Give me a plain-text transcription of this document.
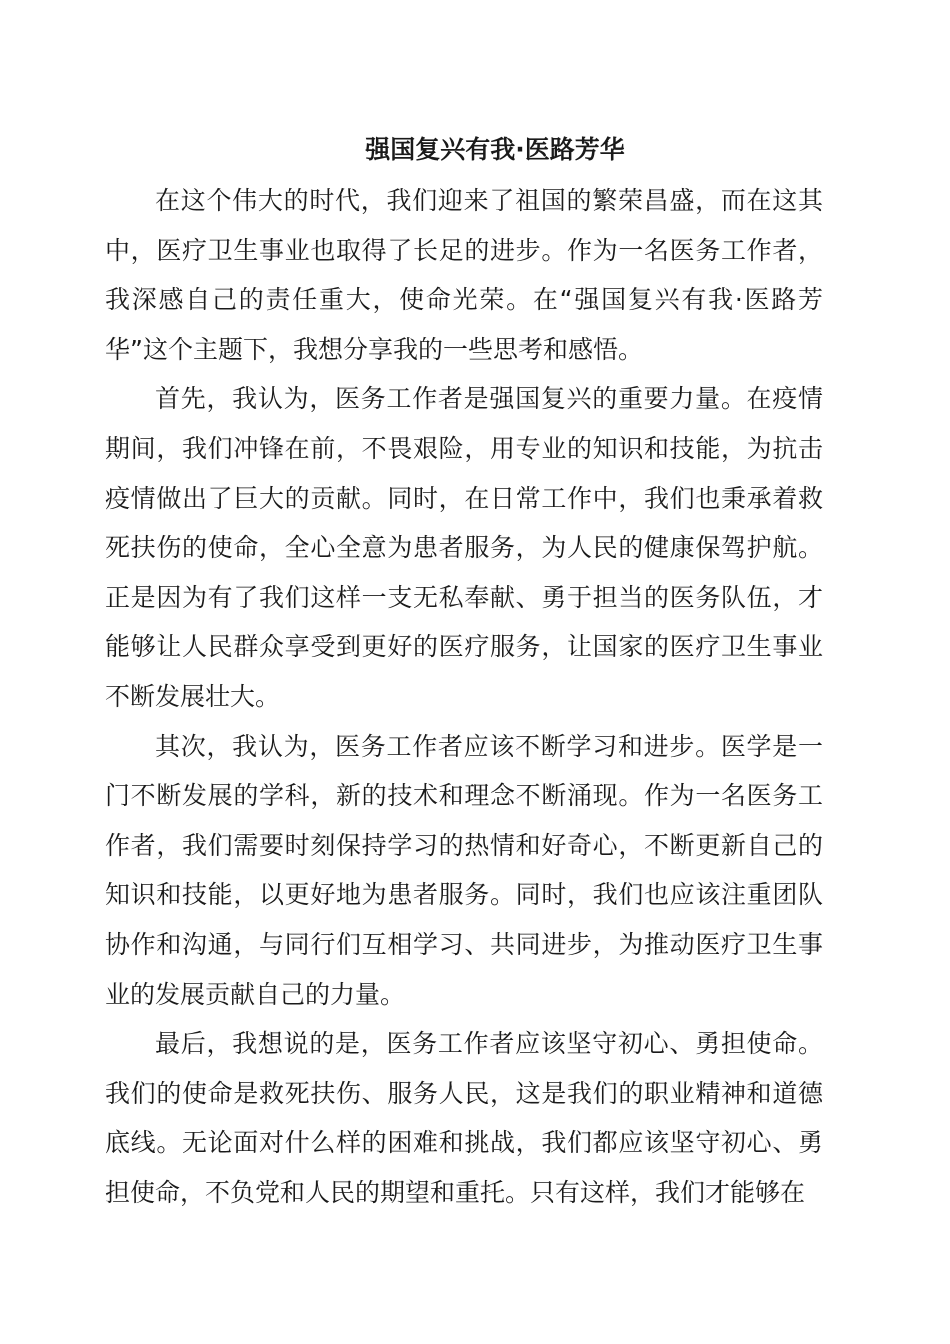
强国复兴有我·医路芳华

在这个伟大的时代，我们迎来了祖国的繁荣昌盛，而在这其中，医疗卫生事业也取得了长足的进步。作为一名医务工作者，我深感自己的责任重大，使命光荣。在“强国复兴有我·医路芳华”这个主题下，我想分享我的一些思考和感悟。

首先，我认为，医务工作者是强国复兴的重要力量。在疫情期间，我们冲锋在前，不畏艰险，用专业的知识和技能，为抗击疫情做出了巨大的贡献。同时，在日常工作中，我们也秉承着救死扶伤的使命，全心全意为患者服务，为人民的健康保驾护航。正是因为有了我们这样一支无私奉献、勇于担当的医务队伍，才能够让人民群众享受到更好的医疗服务，让国家的医疗卫生事业不断发展壮大。

其次，我认为，医务工作者应该不断学习和进步。医学是一门不断发展的学科，新的技术和理念不断涌现。作为一名医务工作者，我们需要时刻保持学习的热情和好奇心，不断更新自己的知识和技能，以更好地为患者服务。同时，我们也应该注重团队协作和沟通，与同行们互相学习、共同进步，为推动医疗卫生事业的发展贡献自己的力量。

最后，我想说的是，医务工作者应该坚守初心、勇担使命。我们的使命是救死扶伤、服务人民，这是我们的职业精神和道德底线。无论面对什么样的困难和挑战，我们都应该坚守初心、勇担使命，不负党和人民的期望和重托。只有这样，我们才能够在
